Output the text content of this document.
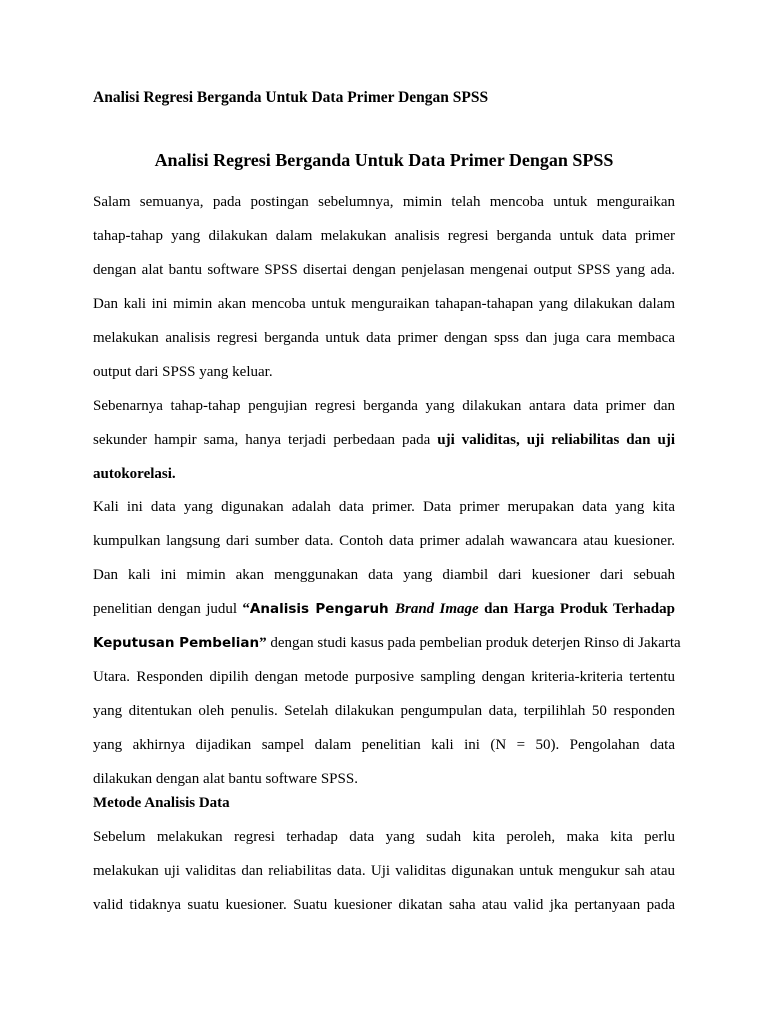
Analisi Regresi Berganda Untuk Data Primer Dengan SPSS
Analisi Regresi Berganda Untuk Data Primer Dengan SPSS
Salam semuanya, pada postingan sebelumnya, mimin telah mencoba untuk menguraikan
tahap-tahap yang dilakukan dalam melakukan analisis regresi berganda untuk data primer
dengan alat bantu software SPSS disertai dengan penjelasan mengenai output SPSS yang ada.
Dan kali ini mimin akan mencoba untuk menguraikan tahapan-tahapan yang dilakukan dalam
melakukan analisis regresi berganda untuk data primer dengan spss dan juga cara membaca
output dari SPSS yang keluar.
Sebenarnya tahap-tahap pengujian regresi berganda yang dilakukan antara data primer dan
sekunder hampir sama, hanya terjadi perbedaan pada uji validitas, uji reliabilitas dan uji
autokorelasi.
Kali ini data yang digunakan adalah data primer. Data primer merupakan data yang kita
kumpulkan langsung dari sumber data. Contoh data primer adalah wawancara atau kuesioner.
Dan kali ini mimin akan menggunakan data yang diambil dari kuesioner dari sebuah
penelitian dengan judul “Analisis Pengaruh Brand Image dan Harga Produk Terhadap
Keputusan Pembelian” dengan studi kasus pada pembelian produk deterjen Rinso di Jakarta
Utara. Responden dipilih dengan metode purposive sampling dengan kriteria-kriteria tertentu
yang ditentukan oleh penulis. Setelah dilakukan pengumpulan data, terpilihlah 50 responden
yang akhirnya dijadikan sampel dalam penelitian kali ini (N = 50). Pengolahan data
dilakukan dengan alat bantu software SPSS.
Metode Analisis Data
Sebelum melakukan regresi terhadap data yang sudah kita peroleh, maka kita perlu
melakukan uji validitas dan reliabilitas data. Uji validitas digunakan untuk mengukur sah atau
valid tidaknya suatu kuesioner. Suatu kuesioner dikatan saha atau valid jka pertanyaan pada
